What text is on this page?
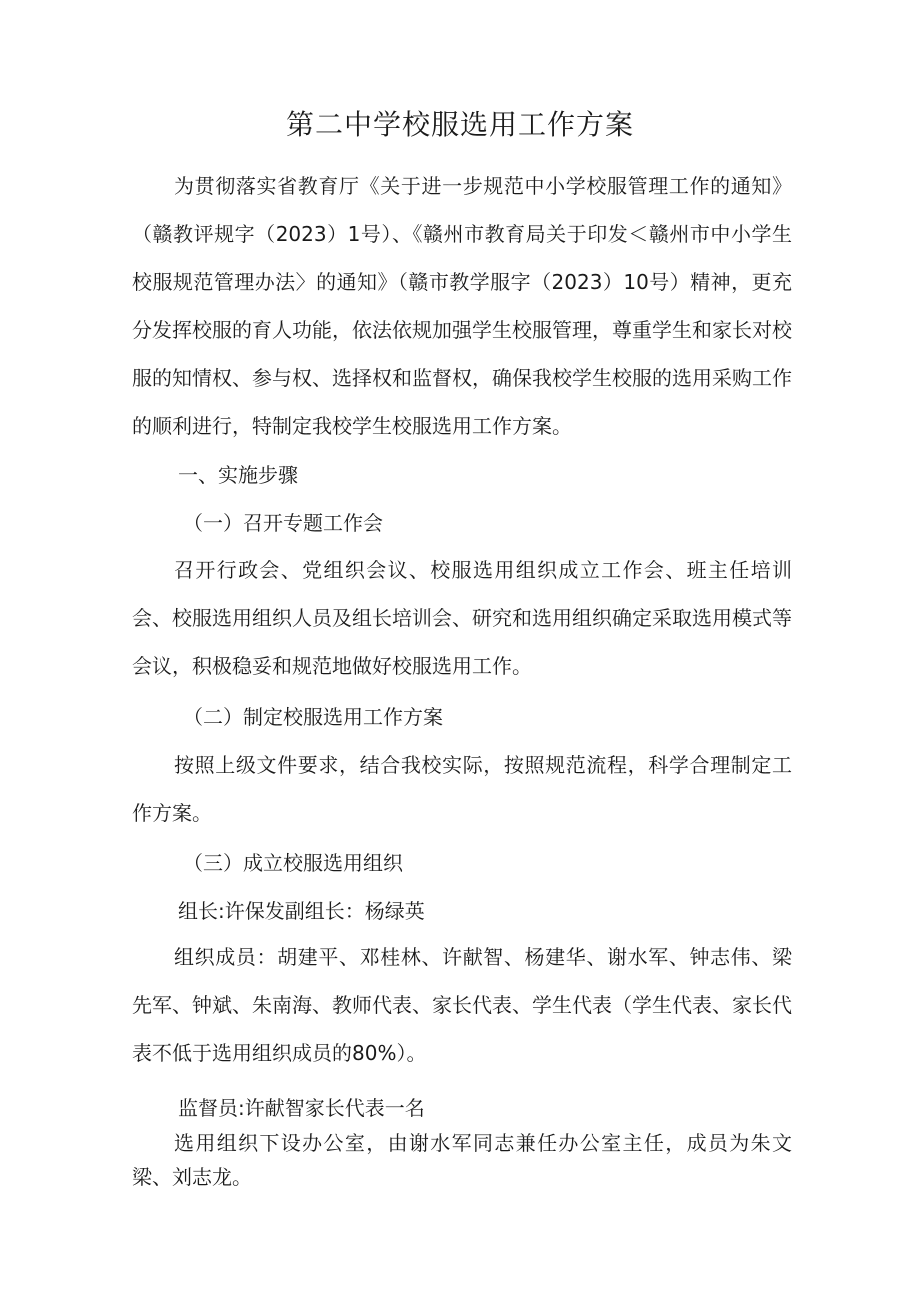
第二中学校服选用工作方案

为贯彻落实省教育厅《关于进一步规范中小学校服管理工作的通知》（赣教评规字（2023）1号）、《赣州市教育局关于印发＜赣州市中小学生校服规范管理办法〉的通知》（赣市教学服字（2023）10号）精神，更充分发挥校服的育人功能，依法依规加强学生校服管理，尊重学生和家长对校服的知情权、参与权、选择权和监督权，确保我校学生校服的选用采购工作的顺利进行，特制定我校学生校服选用工作方案。

一、实施步骤
（一）召开专题工作会

召开行政会、党组织会议、校服选用组织成立工作会、班主任培训会、校服选用组织人员及组长培训会、研究和选用组织确定采取选用模式等会议，积极稳妥和规范地做好校服选用工作。

（二）制定校服选用工作方案

按照上级文件要求，结合我校实际，按照规范流程，科学合理制定工作方案。

（三）成立校服选用组织
组长:许保发副组长：杨绿英

组织成员：胡建平、邓桂林、许献智、杨建华、谢水军、钟志伟、梁先军、钟斌、朱南海、教师代表、家长代表、学生代表（学生代表、家长代表不低于选用组织成员的80%）。

监督员:许献智家长代表一名

选用组织下设办公室，由谢水军同志兼任办公室主任，成员为朱文梁、刘志龙。
